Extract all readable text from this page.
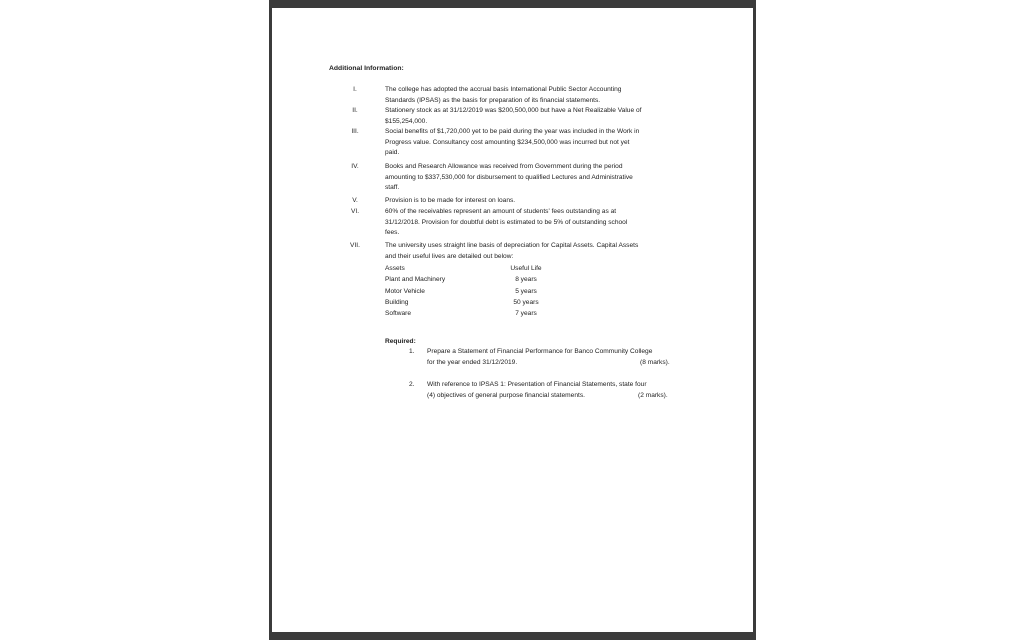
Additional Information:
I.	The college has adopted the accrual basis International Public Sector Accounting
Standards (IPSAS) as the basis for preparation of its financial statements.
II.	Stationery stock as at 31/12/2019 was $200,500,000 but have a Net Realizable Value of
$155,254,000.
III.	Social benefits of $1,720,000 yet to be paid during the year was included in the Work in
Progress value. Consultancy cost amounting $234,500,000 was incurred but not yet
paid.
IV.	Books and Research Allowance was received from Government during the period
amounting to $337,530,000 for disbursement to qualified Lectures and Administrative
staff.
V.	Provision is to be made for interest on loans.
VI.	60% of the receivables represent an amount of students' fees outstanding as at
31/12/2018. Provision for doubtful debt is estimated to be 5% of outstanding school
fees.
VII.	The university uses straight line basis of depreciation for Capital Assets. Capital Assets
and their useful lives are detailed out below:
Assets	Useful Life
Plant and Machinery	8 years
Motor Vehicle	5 years
Building	50 years
Software	7 years
Required:
1. Prepare a Statement of Financial Performance for Banco Community College
for the year ended 31/12/2019.	(8 marks).
2. With reference to IPSAS 1: Presentation of Financial Statements, state four
(4) objectives of general purpose financial statements.	(2 marks).
